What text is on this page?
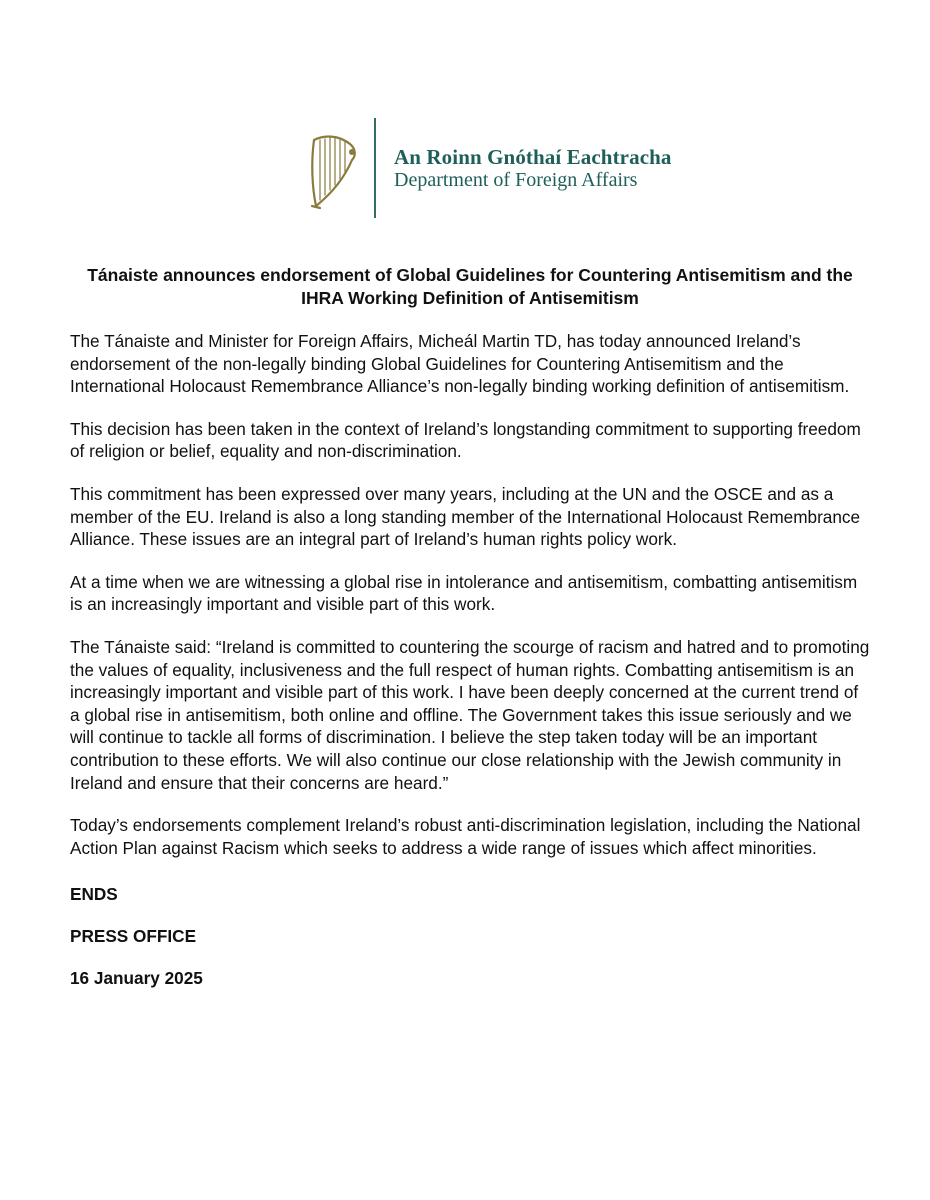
An Roinn Gnóthaí Eachtracha
Department of Foreign Affairs
Tánaiste announces endorsement of Global Guidelines for Countering Antisemitism and the IHRA Working Definition of Antisemitism
The Tánaiste and Minister for Foreign Affairs, Micheál Martin TD, has today announced Ireland’s endorsement of the non-legally binding Global Guidelines for Countering Antisemitism and the International Holocaust Remembrance Alliance’s non-legally binding working definition of antisemitism.
This decision has been taken in the context of Ireland’s longstanding commitment to supporting freedom of religion or belief, equality and non-discrimination.
This commitment has been expressed over many years, including at the UN and the OSCE and as a member of the EU. Ireland is also a long standing member of the International Holocaust Remembrance Alliance. These issues are an integral part of Ireland’s human rights policy work.
At a time when we are witnessing a global rise in intolerance and antisemitism, combatting antisemitism is an increasingly important and visible part of this work.
The Tánaiste said: “Ireland is committed to countering the scourge of racism and hatred and to promoting the values of equality, inclusiveness and the full respect of human rights. Combatting antisemitism is an increasingly important and visible part of this work. I have been deeply concerned at the current trend of a global rise in antisemitism, both online and offline. The Government takes this issue seriously and we will continue to tackle all forms of discrimination. I believe the step taken today will be an important contribution to these efforts. We will also continue our close relationship with the Jewish community in Ireland and ensure that their concerns are heard.”
Today’s endorsements complement Ireland’s robust anti-discrimination legislation, including the National Action Plan against Racism which seeks to address a wide range of issues which affect minorities.
ENDS
PRESS OFFICE
16 January 2025
